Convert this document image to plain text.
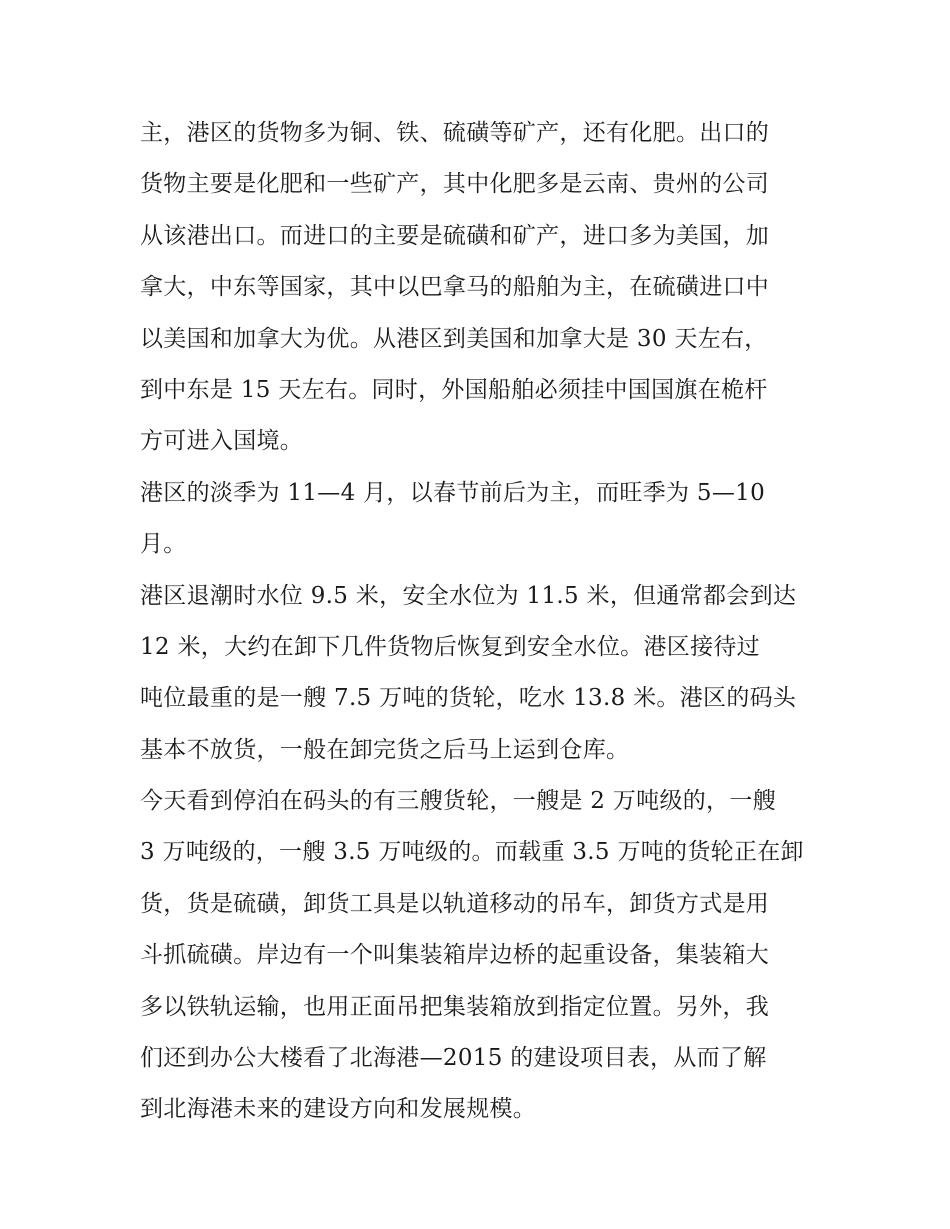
主，港区的货物多为铜、铁、硫磺等矿产，还有化肥。出口的
货物主要是化肥和一些矿产，其中化肥多是云南、贵州的公司
从该港出口。而进口的主要是硫磺和矿产，进口多为美国，加
拿大，中东等国家，其中以巴拿马的船舶为主，在硫磺进口中
以美国和加拿大为优。从港区到美国和加拿大是 30 天左右，
到中东是 15 天左右。同时，外国船舶必须挂中国国旗在桅杆
方可进入国境。
港区的淡季为 11—4 月，以春节前后为主，而旺季为 5—10
月。
港区退潮时水位 9.5 米，安全水位为 11.5 米，但通常都会到达
12 米，大约在卸下几件货物后恢复到安全水位。港区接待过
吨位最重的是一艘 7.5 万吨的货轮，吃水 13.8 米。港区的码头
基本不放货，一般在卸完货之后马上运到仓库。
今天看到停泊在码头的有三艘货轮，一艘是 2 万吨级的，一艘
3 万吨级的，一艘 3.5 万吨级的。而载重 3.5 万吨的货轮正在卸
货，货是硫磺，卸货工具是以轨道移动的吊车，卸货方式是用
斗抓硫磺。岸边有一个叫集装箱岸边桥的起重设备，集装箱大
多以铁轨运输，也用正面吊把集装箱放到指定位置。另外，我
们还到办公大楼看了北海港—2015 的建设项目表，从而了解
到北海港未来的建设方向和发展规模。
